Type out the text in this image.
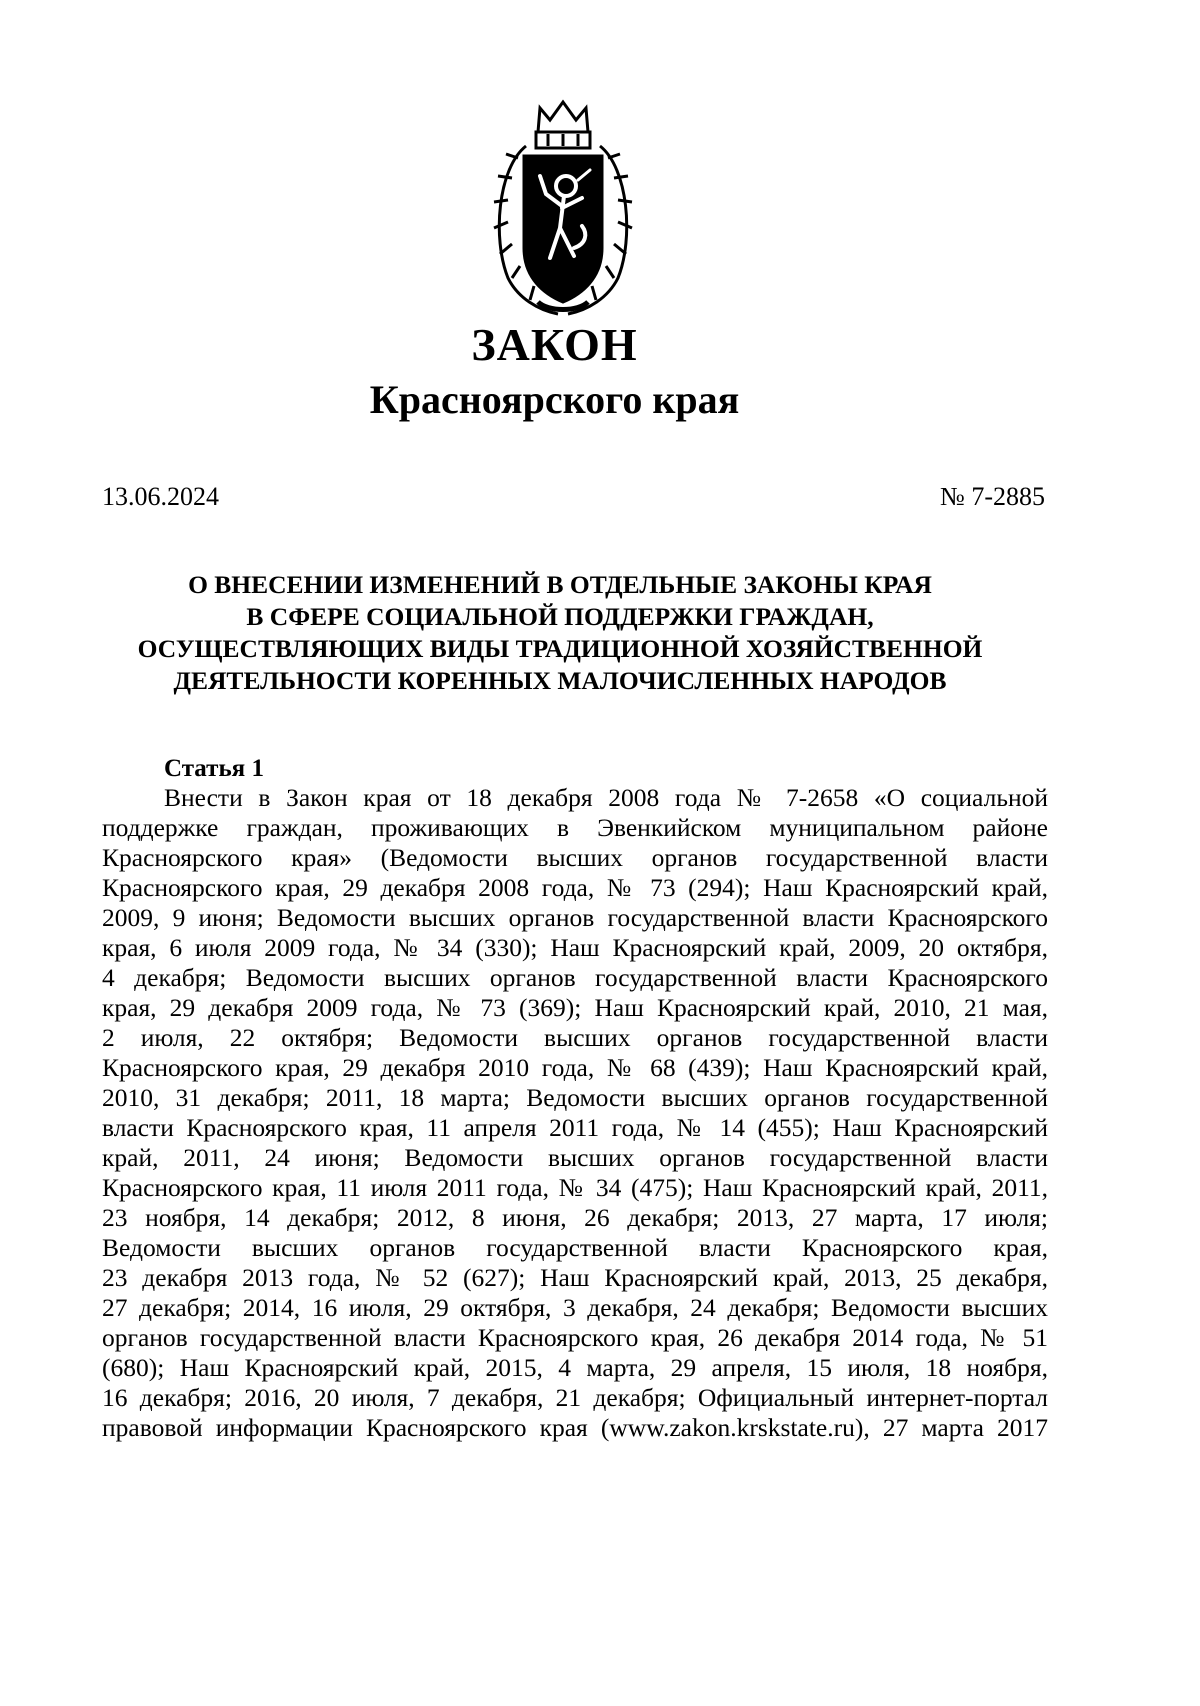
ЗАКОН
Красноярского края
13.06.2024	№ 7-2885
О ВНЕСЕНИИ ИЗМЕНЕНИЙ В ОТДЕЛЬНЫЕ ЗАКОНЫ КРАЯ
В СФЕРЕ СОЦИАЛЬНОЙ ПОДДЕРЖКИ ГРАЖДАН,
ОСУЩЕСТВЛЯЮЩИХ ВИДЫ ТРАДИЦИОННОЙ ХОЗЯЙСТВЕННОЙ
ДЕЯТЕЛЬНОСТИ КОРЕННЫХ МАЛОЧИСЛЕННЫХ НАРОДОВ
Статья 1
Внести в Закон края от 18 декабря 2008 года № 7-2658 «О социальной
поддержке граждан, проживающих в Эвенкийском муниципальном районе
Красноярского края» (Ведомости высших органов государственной власти
Красноярского края, 29 декабря 2008 года, № 73 (294); Наш Красноярский край,
2009, 9 июня; Ведомости высших органов государственной власти Красноярского
края, 6 июля 2009 года, № 34 (330); Наш Красноярский край, 2009, 20 октября,
4 декабря; Ведомости высших органов государственной власти Красноярского
края, 29 декабря 2009 года, № 73 (369); Наш Красноярский край, 2010, 21 мая,
2 июля, 22 октября; Ведомости высших органов государственной власти
Красноярского края, 29 декабря 2010 года, № 68 (439); Наш Красноярский край,
2010, 31 декабря; 2011, 18 марта; Ведомости высших органов государственной
власти Красноярского края, 11 апреля 2011 года, № 14 (455); Наш Красноярский
край, 2011, 24 июня; Ведомости высших органов государственной власти
Красноярского края, 11 июля 2011 года, № 34 (475); Наш Красноярский край, 2011,
23 ноября, 14 декабря; 2012, 8 июня, 26 декабря; 2013, 27 марта, 17 июля;
Ведомости высших органов государственной власти Красноярского края,
23 декабря 2013 года, № 52 (627); Наш Красноярский край, 2013, 25 декабря,
27 декабря; 2014, 16 июля, 29 октября, 3 декабря, 24 декабря; Ведомости высших
органов государственной власти Красноярского края, 26 декабря 2014 года, № 51
(680); Наш Красноярский край, 2015, 4 марта, 29 апреля, 15 июля, 18 ноября,
16 декабря; 2016, 20 июля, 7 декабря, 21 декабря; Официальный интернет-портал
правовой информации Красноярского края (www.zakon.krskstate.ru), 27 марта 2017
